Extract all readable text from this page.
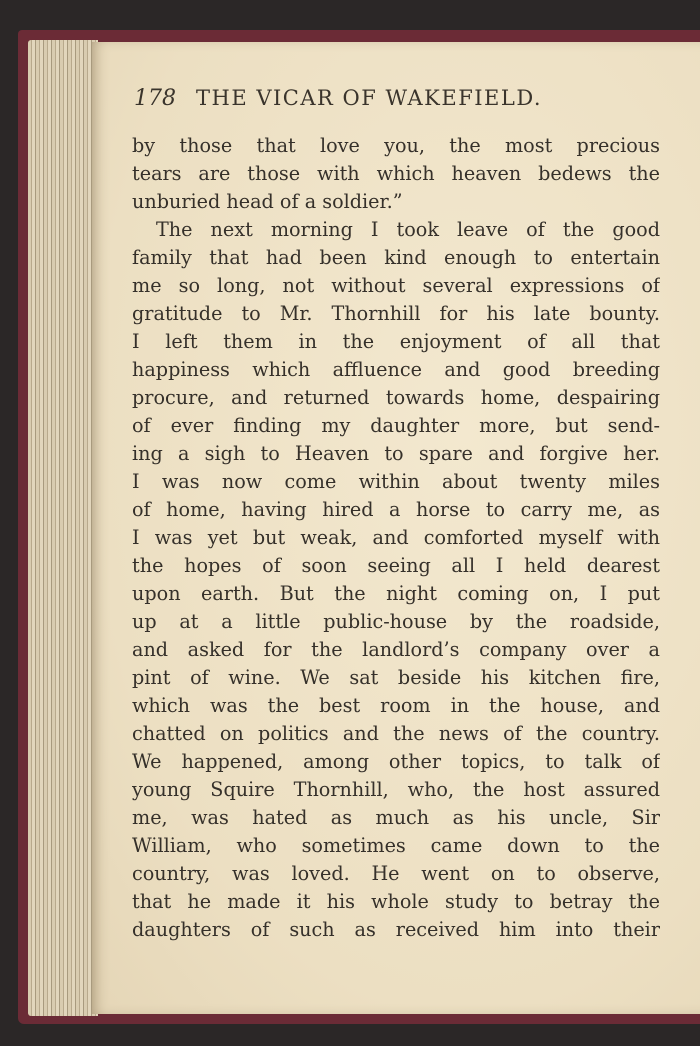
178 THE VICAR OF WAKEFIELD.
by those that love you, the most precious
tears are those with which heaven bedews the
unburied head of a soldier.”
The next morning I took leave of the good
family that had been kind enough to entertain
me so long, not without several expressions of
gratitude to Mr. Thornhill for his late bounty.
I left them in the enjoyment of all that
happiness which affluence and good breeding
procure, and returned towards home, despairing
of ever finding my daughter more, but send-
ing a sigh to Heaven to spare and forgive her.
I was now come within about twenty miles
of home, having hired a horse to carry me, as
I was yet but weak, and comforted myself with
the hopes of soon seeing all I held dearest
upon earth. But the night coming on, I put
up at a little public-house by the roadside,
and asked for the landlord’s company over a
pint of wine. We sat beside his kitchen fire,
which was the best room in the house, and
chatted on politics and the news of the country.
We happened, among other topics, to talk of
young Squire Thornhill, who, the host assured
me, was hated as much as his uncle, Sir
William, who sometimes came down to the
country, was loved. He went on to observe,
that he made it his whole study to betray the
daughters of such as received him into their
